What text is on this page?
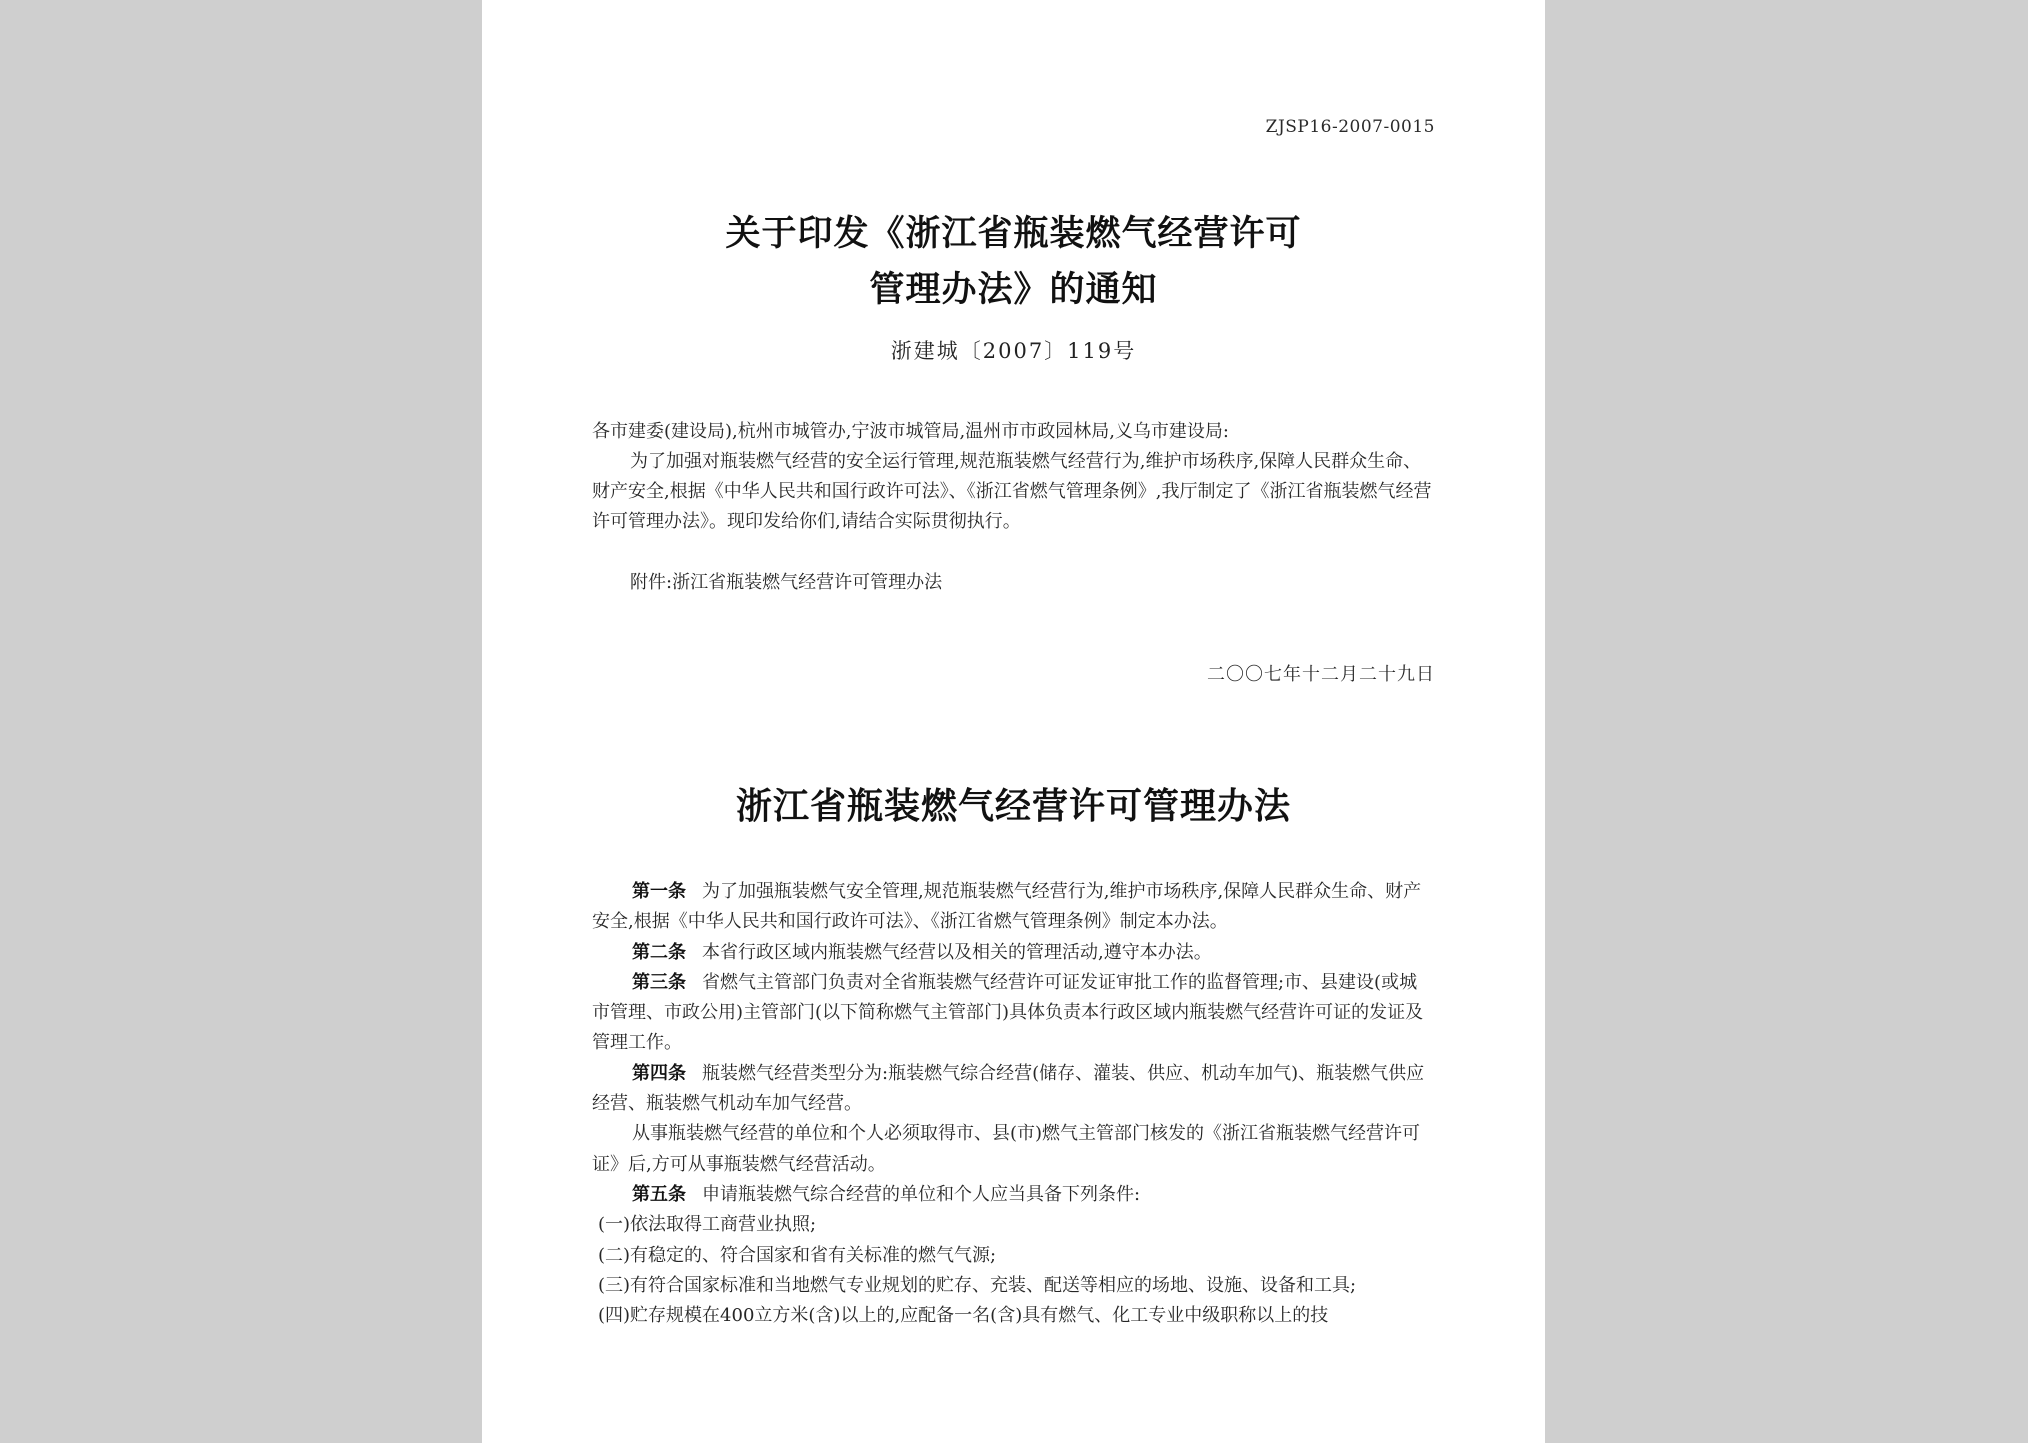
ZJSP16-2007-0015
关于印发《浙江省瓶装燃气经营许可
管理办法》的通知
浙建城〔2007〕119号
各市建委(建设局),杭州市城管办,宁波市城管局,温州市市政园林局,义乌市建设局:
为了加强对瓶装燃气经营的安全运行管理,规范瓶装燃气经营行为,维护市场秩序,保障人民群众生命、财产安全,根据《中华人民共和国行政许可法》、《浙江省燃气管理条例》,我厅制定了《浙江省瓶装燃气经营许可管理办法》。现印发给你们,请结合实际贯彻执行。
附件:浙江省瓶装燃气经营许可管理办法
二〇〇七年十二月二十九日
浙江省瓶装燃气经营许可管理办法

第一条 为了加强瓶装燃气安全管理,规范瓶装燃气经营行为,维护市场秩序,保障人民群众生命、财产安全,根据《中华人民共和国行政许可法》、《浙江省燃气管理条例》制定本办法。

第二条 本省行政区域内瓶装燃气经营以及相关的管理活动,遵守本办法。

第三条 省燃气主管部门负责对全省瓶装燃气经营许可证发证审批工作的监督管理;市、县建设(或城市管理、市政公用)主管部门(以下简称燃气主管部门)具体负责本行政区域内瓶装燃气经营许可证的发证及管理工作。

第四条 瓶装燃气经营类型分为:瓶装燃气综合经营(储存、灌装、供应、机动车加气)、瓶装燃气供应经营、瓶装燃气机动车加气经营。

从事瓶装燃气经营的单位和个人必须取得市、县(市)燃气主管部门核发的《浙江省瓶装燃气经营许可证》后,方可从事瓶装燃气经营活动。

第五条 申请瓶装燃气综合经营的单位和个人应当具备下列条件:

(一)依法取得工商营业执照;

(二)有稳定的、符合国家和省有关标准的燃气气源;

(三)有符合国家标准和当地燃气专业规划的贮存、充装、配送等相应的场地、设施、设备和工具;

(四)贮存规模在400立方米(含)以上的,应配备一名(含)具有燃气、化工专业中级职称以上的技
